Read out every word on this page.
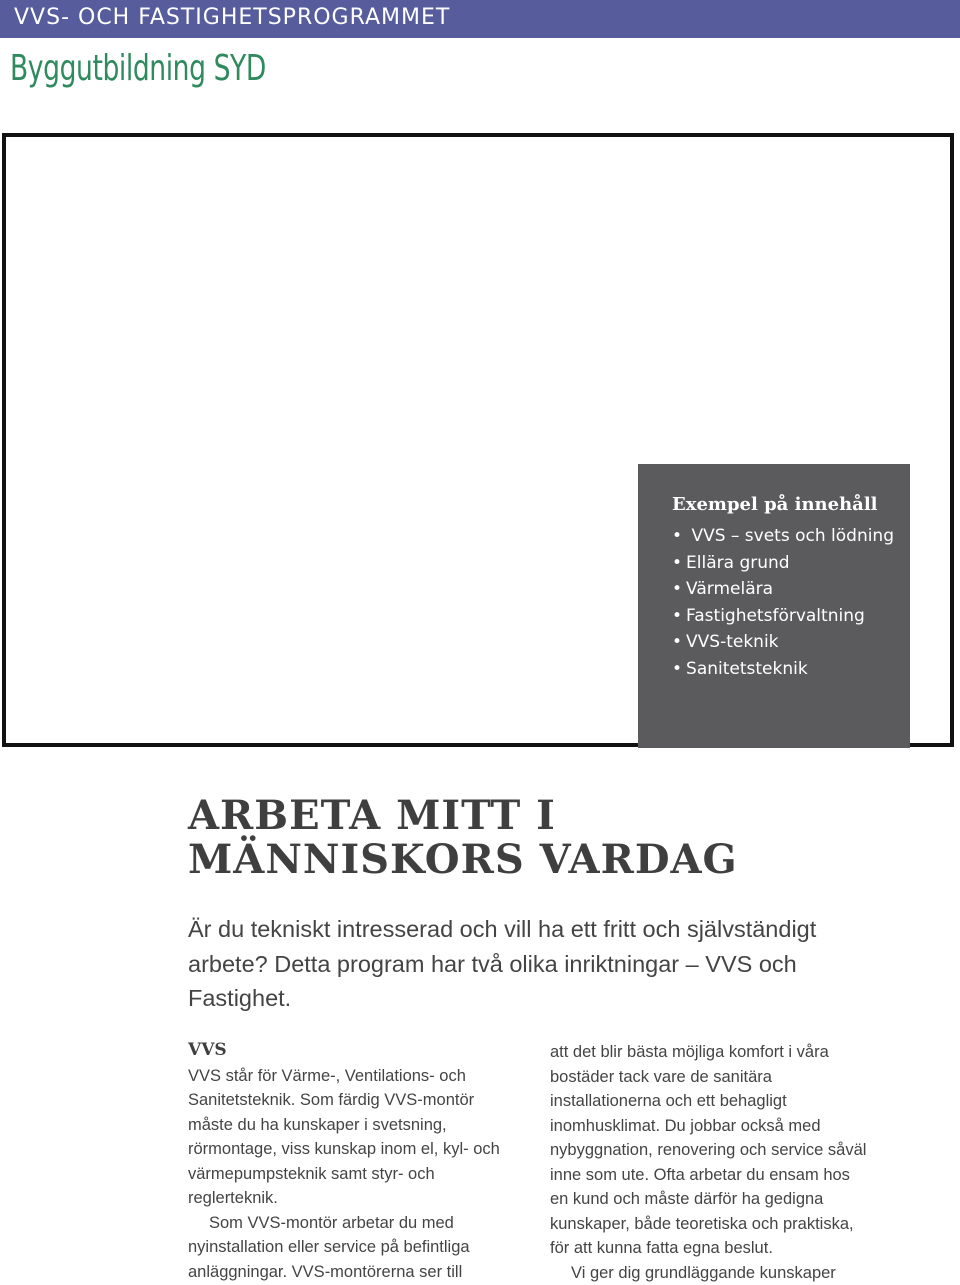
VVS- OCH FASTIGHETSPROGRAMMET
Byggutbildning SYD
Exempel på innehåll
• VVS – svets och lödning
• Ellära grund
• Värmelära
• Fastighetsförvaltning
• VVS-teknik
• Sanitetsteknik
ARBETA MITT I
MÄNNISKORS VARDAG

Är du tekniskt intresserad och vill ha ett fritt och självständigt arbete? Detta program har två olika inriktningar – VVS och Fastighet.

VVS

VVS står för Värme-, Ventilations- och Sanitetsteknik. Som färdig VVS-montör måste du ha kunskaper i svetsning, rörmontage, viss kunskap inom el, kyl- och värmepumpsteknik samt styr- och reglerteknik.

Som VVS-montör arbetar du med nyinstallation eller service på befintliga anläggningar. VVS-montörerna ser till

att det blir bästa möjliga komfort i våra bostäder tack vare de sanitära installationerna och ett behagligt inomhusklimat. Du jobbar också med nybyggnation, renovering och service såväl inne som ute. Ofta arbetar du ensam hos en kund och måste därför ha gedigna kunskaper, både teoretiska och praktiska, för att kunna fatta egna beslut.

Vi ger dig grundläggande kunskaper
